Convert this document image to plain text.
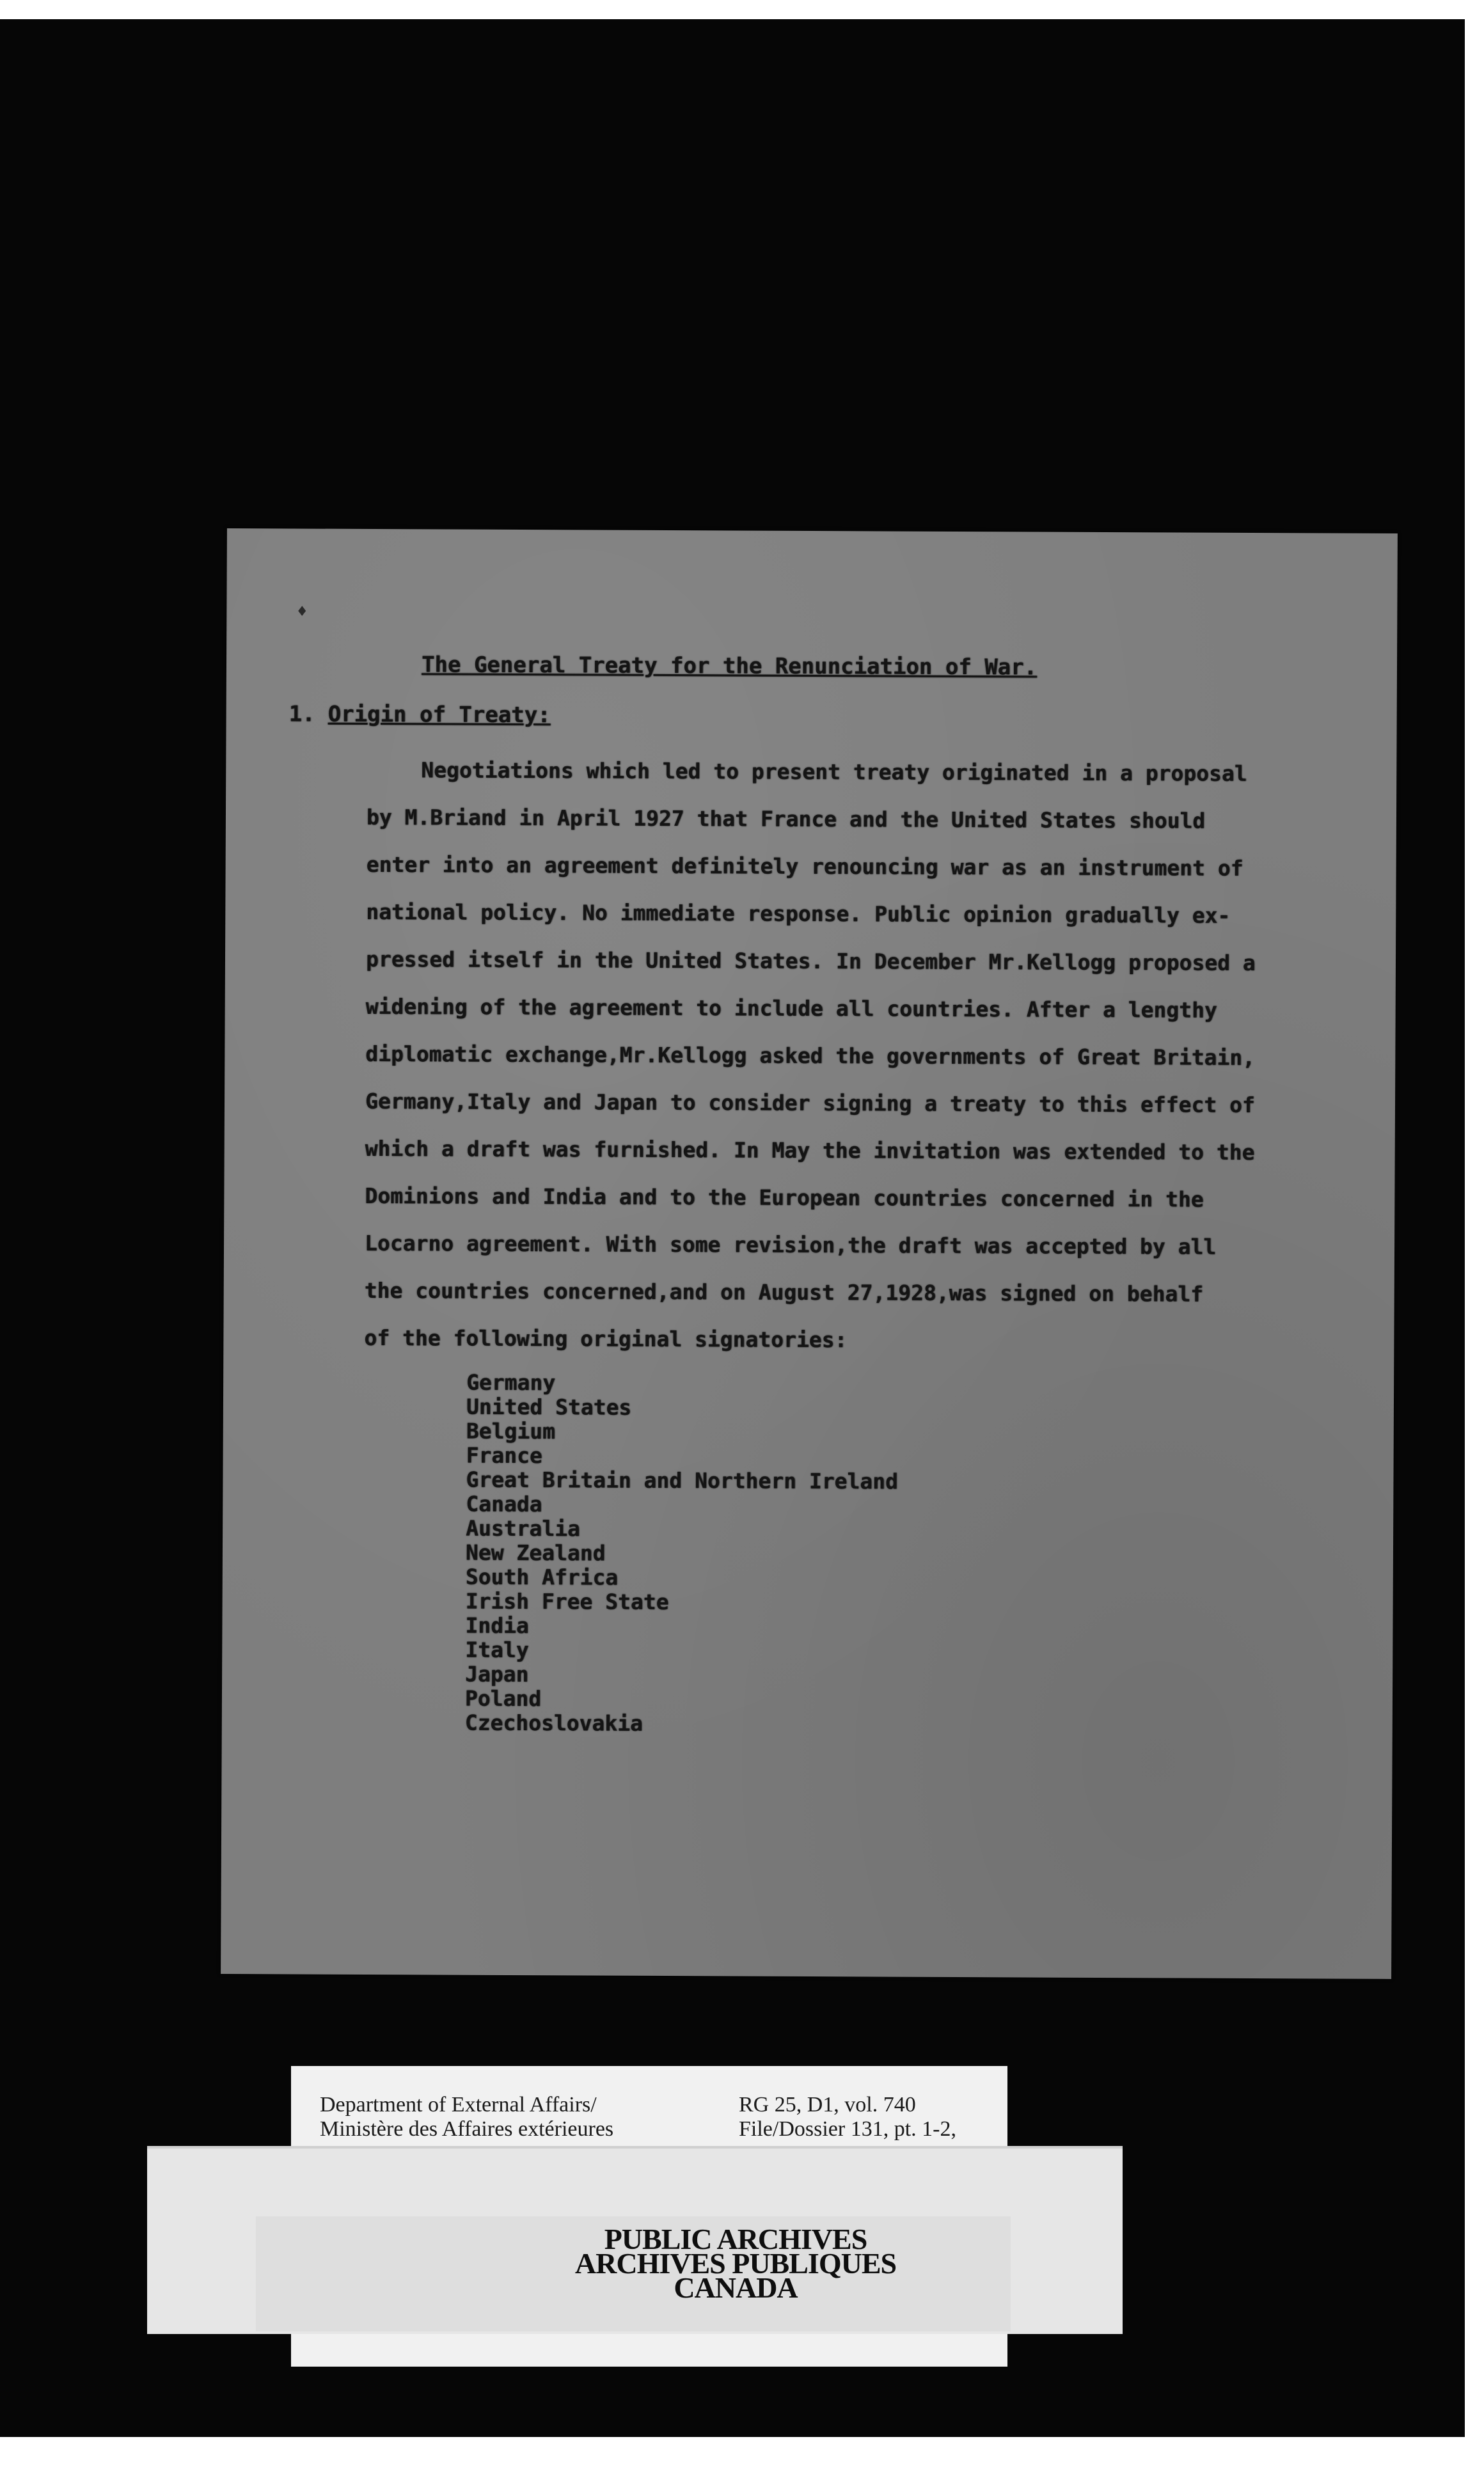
♦
The General Treaty for the Renunciation of War.
1. Origin of Treaty:
Negotiations which led to present treaty originated in a proposal
by M.Briand in April 1927 that France and the United States should
enter into an agreement definitely renouncing war as an instrument of
national policy. No immediate response. Public opinion gradually ex-
pressed itself in the United States. In December Mr.Kellogg proposed a
widening of the agreement to include all countries. After a lengthy
diplomatic exchange,Mr.Kellogg asked the governments of Great Britain,
Germany,Italy and Japan to consider signing a treaty to this effect of
which a draft was furnished. In May the invitation was extended to the
Dominions and India and to the European countries concerned in the
Locarno agreement. With some revision,the draft was accepted by all
the countries concerned,and on August 27,1928,was signed on behalf
of the following original signatories:
Germany
United States
Belgium
France
Great Britain and Northern Ireland
Canada
Australia
New Zealand
South Africa
Irish Free State
India
Italy
Japan
Poland
Czechoslovakia

Department of External Affairs/

Ministère des Affaires extérieures

RG 25, D1, vol. 740

File/Dossier 131, pt. 1-2,

PUBLIC ARCHIVES

ARCHIVES PUBLIQUES

CANADA
